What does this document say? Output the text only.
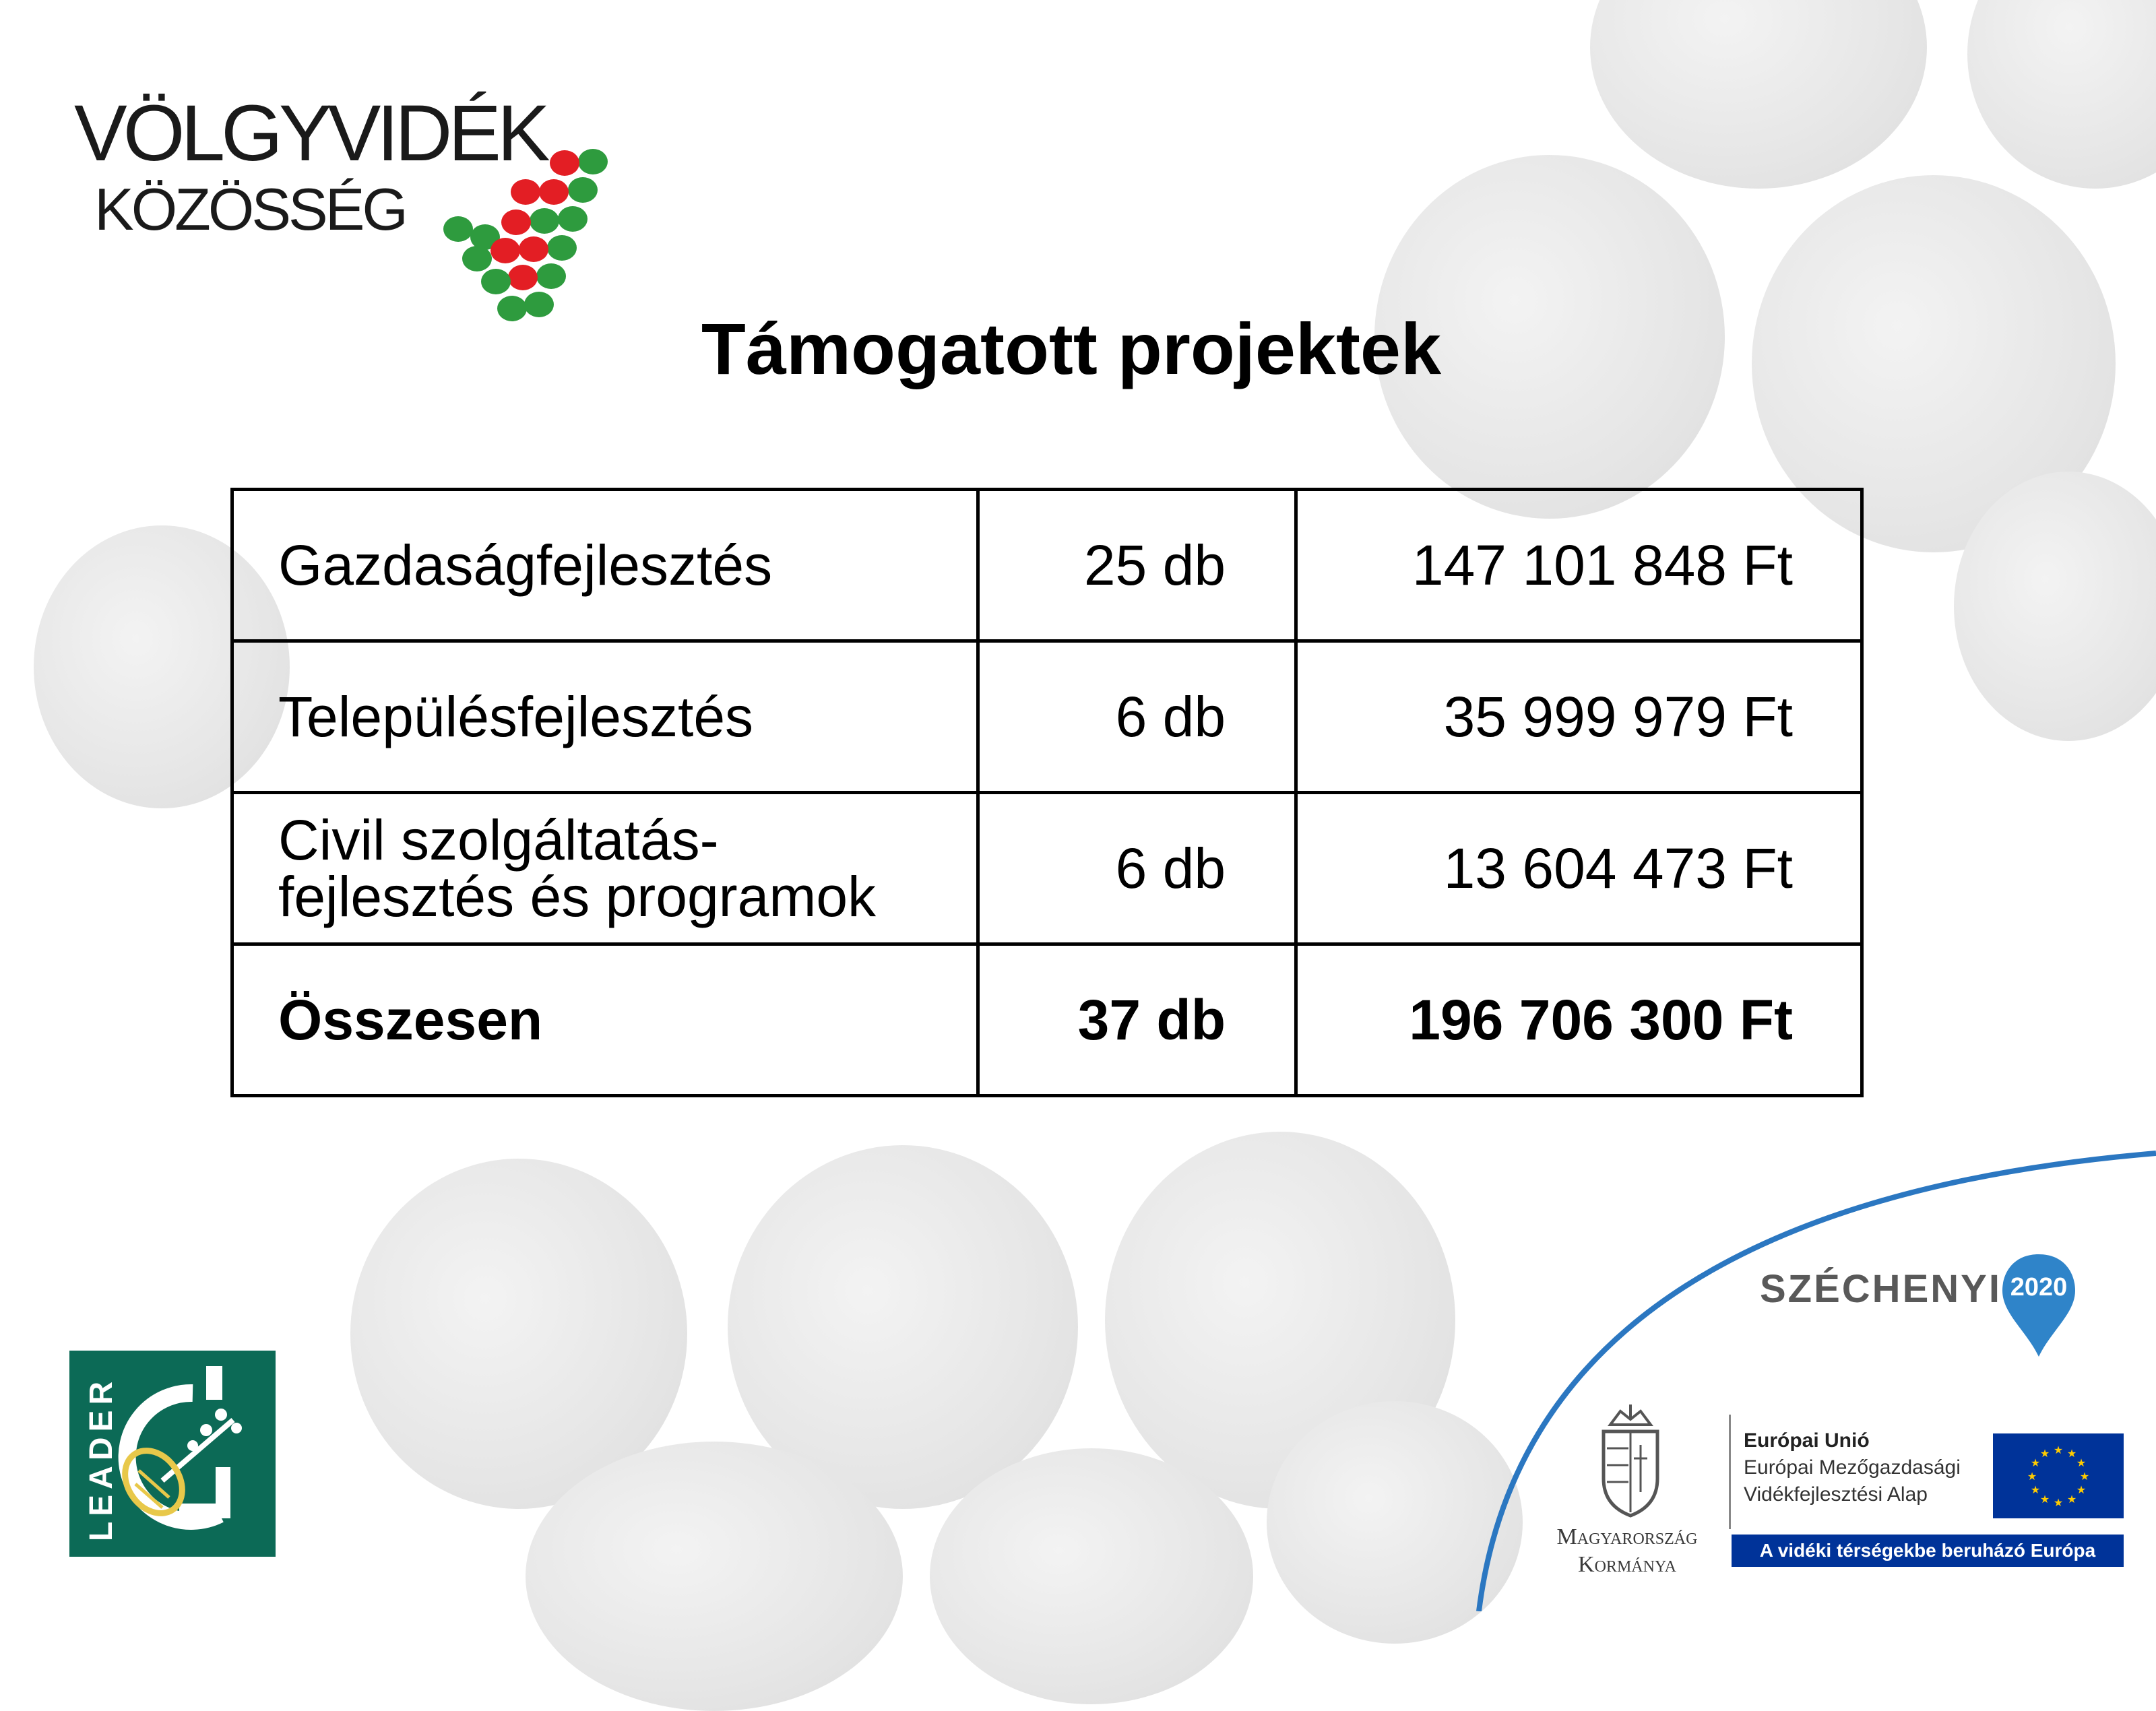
VÖLGYVIDÉK
KÖZÖSSÉG
Támogatott projektek
Gazdaságfejlesztés	25 db	147 101 848 Ft
Településfejlesztés	6 db	35 999 979 Ft

Civil szolgáltatás-
fejlesztés és programok	6 db	13 604 473 Ft
Összesen	37 db	196 706 300 Ft
LEADER
SZÉCHENYI 2020
Magyarország
Kormánya
Európai Unió
Európai Mezőgazdasági
Vidékfejlesztési Alap
★ ★
★
★
★
★
★
★
★
★
★
★
A vidéki térségekbe beruházó Európa
